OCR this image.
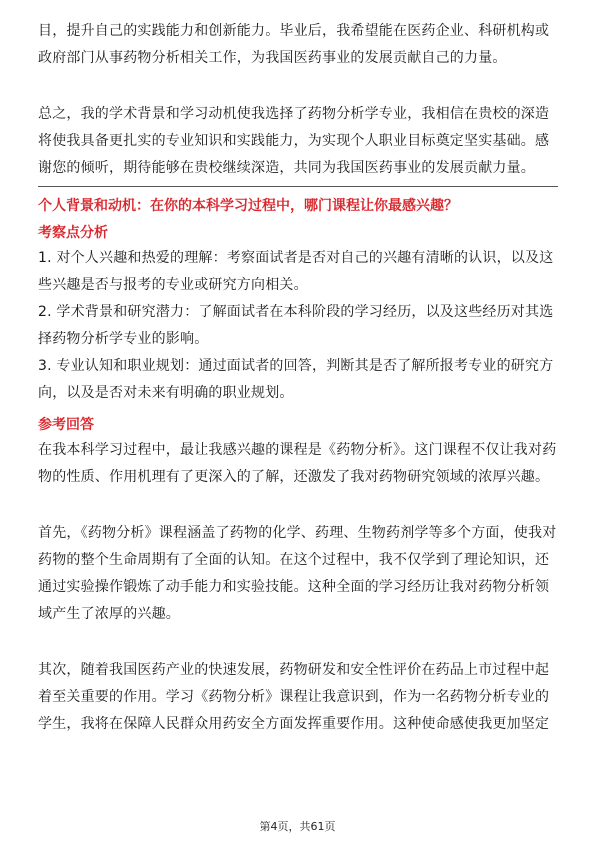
目，提升自己的实践能力和创新能力。毕业后，我希望能在医药企业、科研机构或政府部门从事药物分析相关工作，为我国医药事业的发展贡献自己的力量。

总之，我的学术背景和学习动机使我选择了药物分析学专业，我相信在贵校的深造将使我具备更扎实的专业知识和实践能力，为实现个人职业目标奠定坚实基础。感谢您的倾听，期待能够在贵校继续深造，共同为我国医药事业的发展贡献力量。

个人背景和动机：在你的本科学习过程中，哪门课程让你最感兴趣？
考察点分析

1. 对个人兴趣和热爱的理解：考察面试者是否对自己的兴趣有清晰的认识，以及这些兴趣是否与报考的专业或研究方向相关。

2. 学术背景和研究潜力：了解面试者在本科阶段的学习经历，以及这些经历对其选择药物分析学专业的影响。

3. 专业认知和职业规划：通过面试者的回答，判断其是否了解所报考专业的研究方向，以及是否对未来有明确的职业规划。

参考回答

在我本科学习过程中，最让我感兴趣的课程是《药物分析》。这门课程不仅让我对药物的性质、作用机理有了更深入的了解，还激发了我对药物研究领域的浓厚兴趣。

首先，《药物分析》课程涵盖了药物的化学、药理、生物药剂学等多个方面，使我对药物的整个生命周期有了全面的认知。在这个过程中，我不仅学到了理论知识，还通过实验操作锻炼了动手能力和实验技能。这种全面的学习经历让我对药物分析领域产生了浓厚的兴趣。

其次，随着我国医药产业的快速发展，药物研发和安全性评价在药品上市过程中起着至关重要的作用。学习《药物分析》课程让我意识到，作为一名药物分析专业的学生，我将在保障人民群众用药安全方面发挥重要作用。这种使命感使我更加坚定

第4页，共61页
